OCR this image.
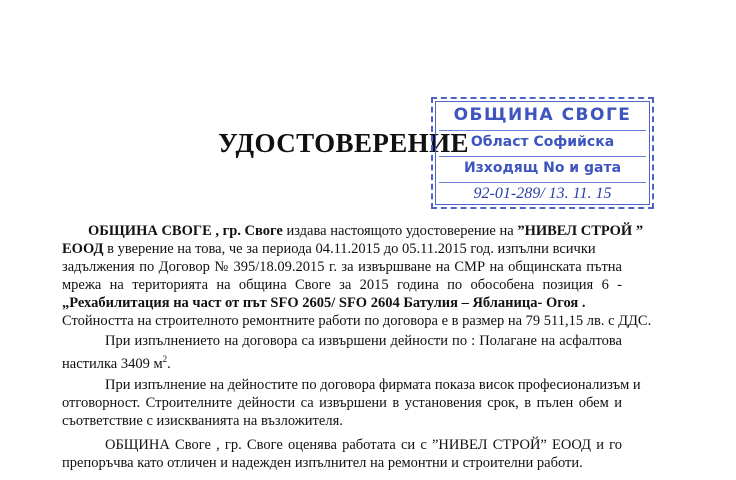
УДОСТОВЕРЕНИЕ
ОБЩИНА СВОГЕ
Област Софийска
Изходящ No и gата
92-01-289/ 13. 11. 15
ОБЩИНА СВОГЕ , гр. Своге издава настоящото удостоверение на ”НИВЕЛ СТРОЙ ”
ЕООД в уверение на това, че за периода 04.11.2015 до 05.11.2015 год. изпълни всички
задължения по Договор № 395/18.09.2015 г. за извършване на СМР на общинската пътна
мрежа на територията на община Своге за 2015 година по обособена позиция 6 -
„Рехабилитация на част от път SFO 2605/ SFO 2604 Батулия – Ябланица- Огоя .
Стойността на строителното ремонтните работи по договора е в размер на 79 511,15 лв. с ДДС.
При изпълнението на договора са извършени дейности по : Полагане на асфалтова
настилка 3409 $м^2$.
При изпълнение на дейностите по договора фирмата показа висок професионализъм и
отговорност. Строителните дейности са извършени в установения срок, в пълен обем и
съответствие с изискванията на възложителя.
ОБЩИНА Своге , гр. Своге оценява работата си с ”НИВЕЛ СТРОЙ” ЕООД и го
препоръчва като отличен и надежден изпълнител на ремонтни и строителни работи.
